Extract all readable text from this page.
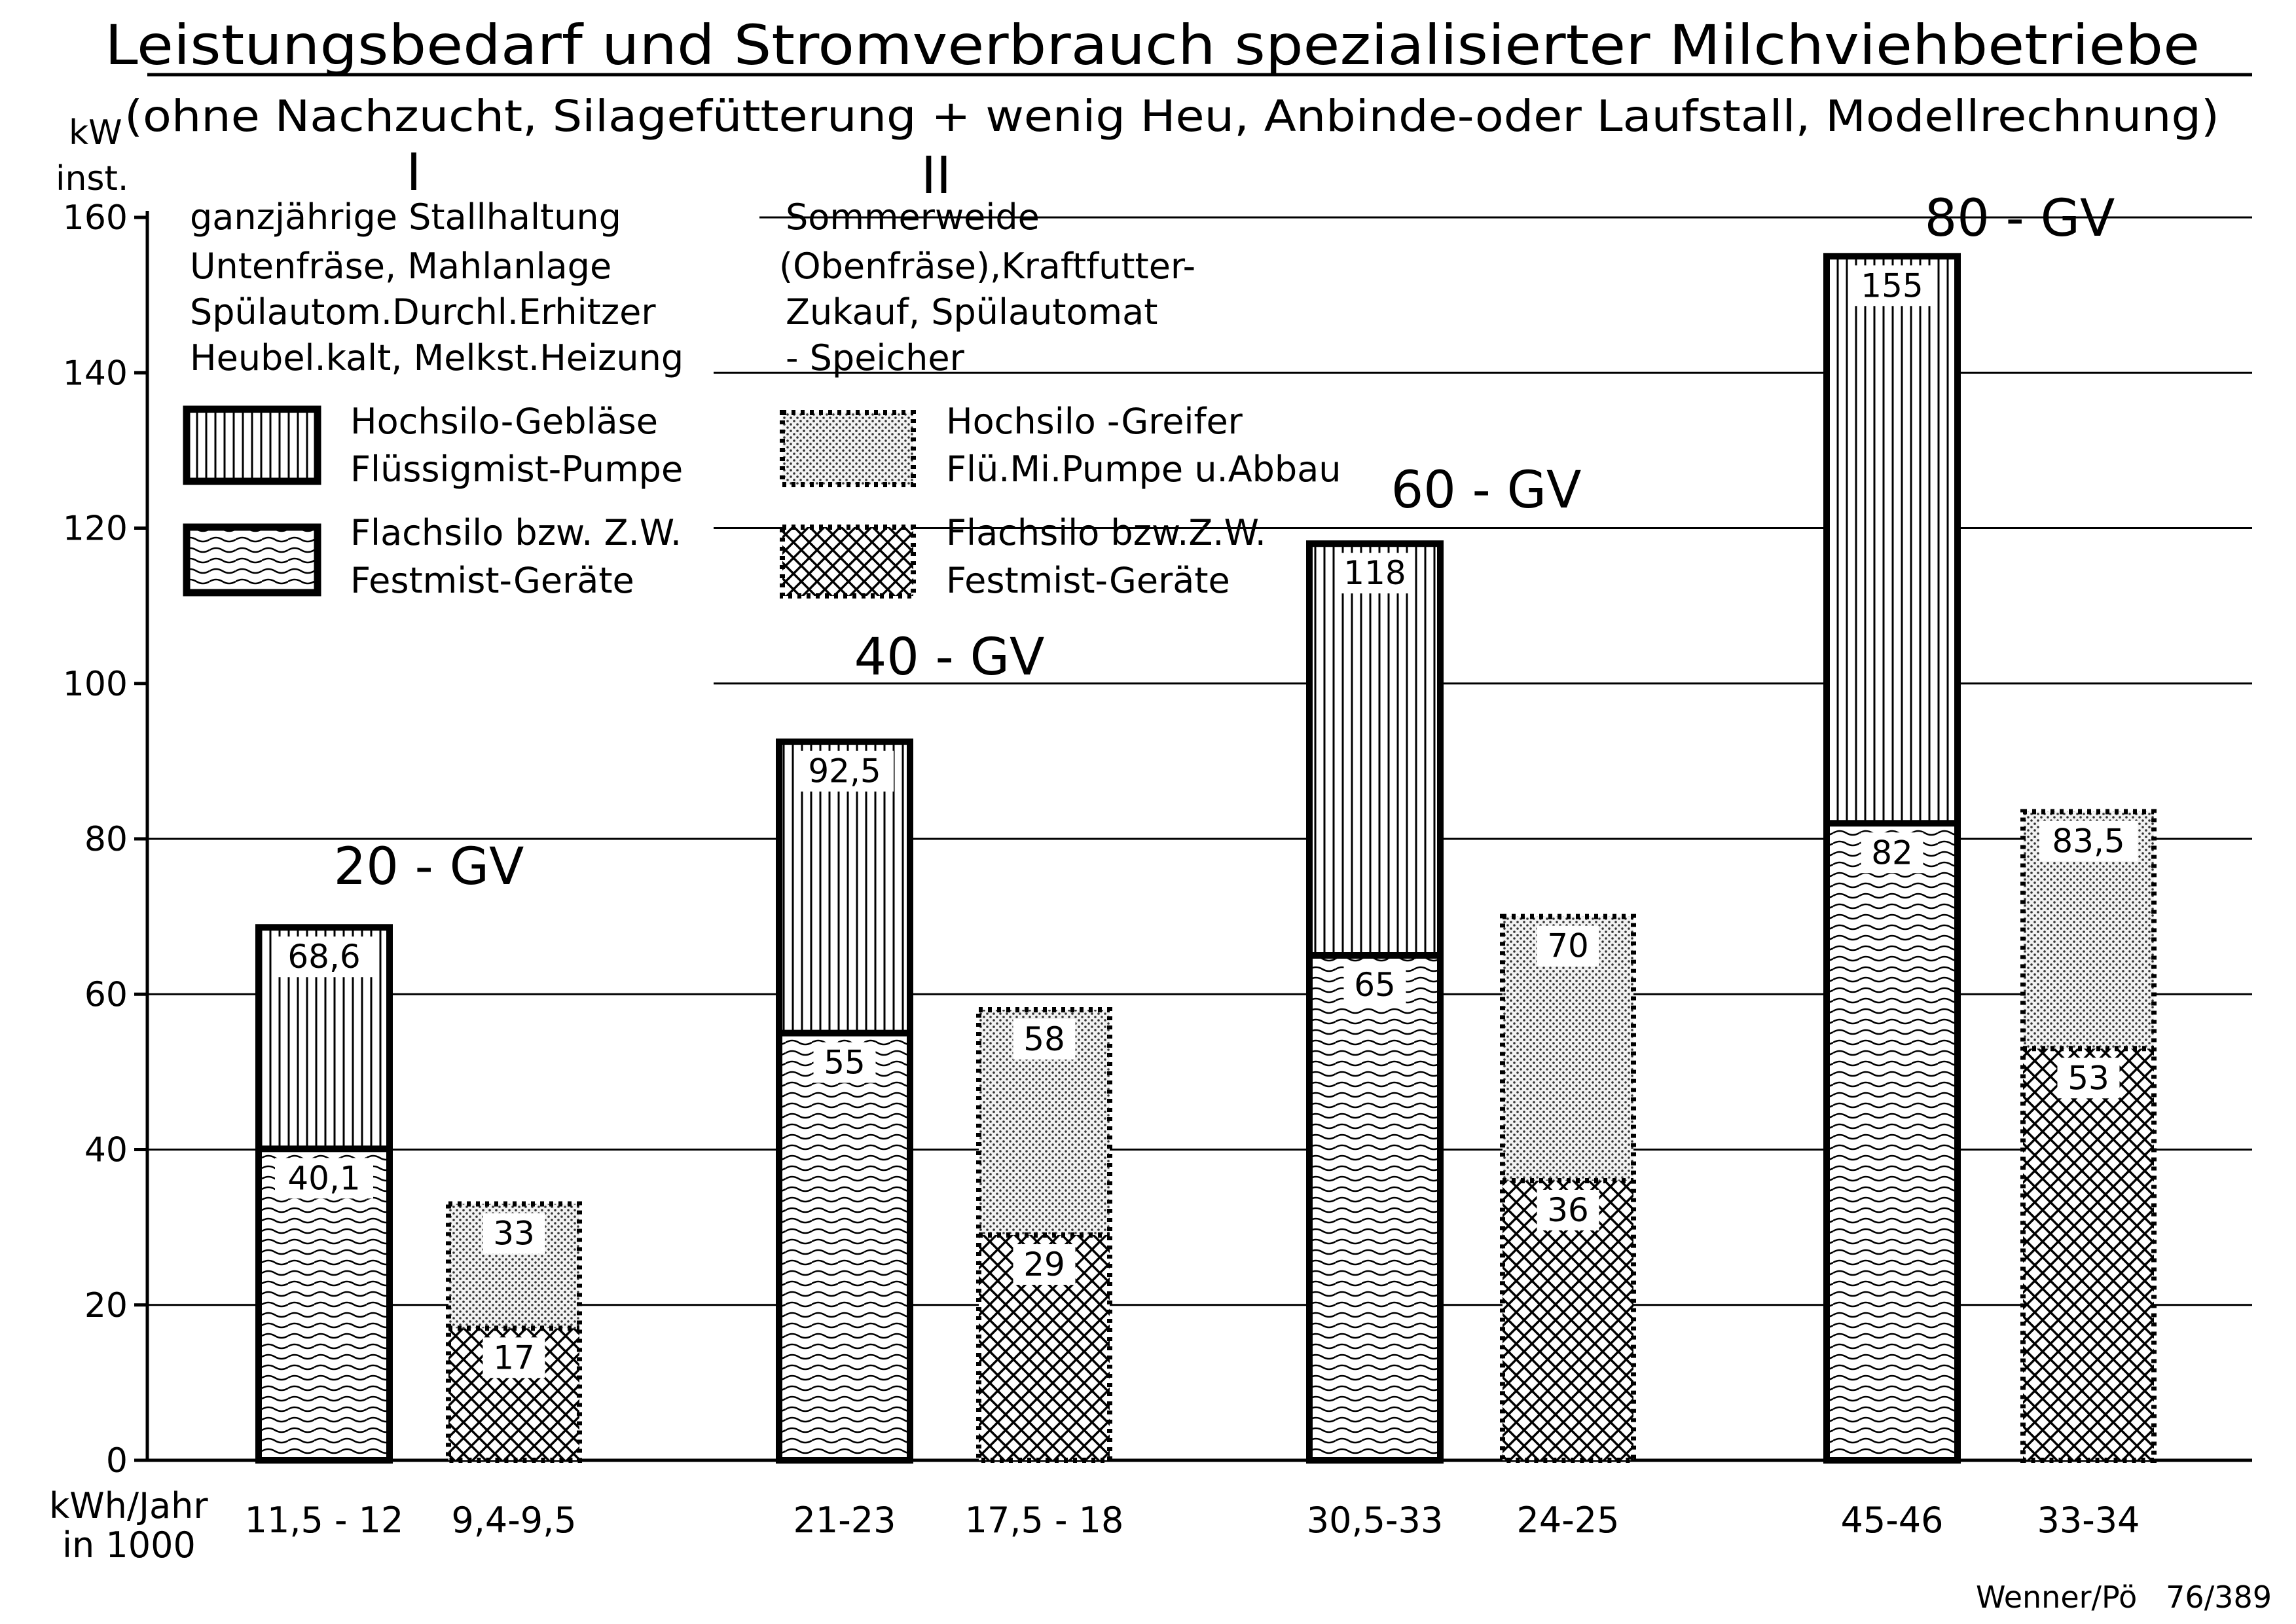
Leistungsbedarf und Stromverbrauch spezialisierter Milchviehbetriebe
(ohne Nachzucht, Silagefütterung + wenig Heu, Anbinde-oder Laufstall, Modellrechnung)
kW
inst.	I	II
0
20
40
60
80
100
120
140
160 ganzjährige Stallhaltung
Untenfräse, Mahlanlage
Spülautom.Durchl.Erhitzer
Heubel.kalt, Melkst.Heizung
Sommerweide
(Obenfräse),Kraftfutter-
Zukauf, Spülautomat
- Speicher
Hochsilo-Gebläse
Flüssigmist-Pumpe
Flachsilo bzw. Z.W.
Festmist-Geräte
Hochsilo -Greifer
Flü.Mi.Pumpe u.Abbau
Flachsilo bzw.Z.W.
Festmist-Geräte
68,6
40,1
11,5 - 12
33
17
9,4-9,5
20 - GV
92,5
55
21-23
58
29
17,5 - 18
40 - GV
118
65
30,5-33
70
36
24-25
60 - GV
155
82
45-46
83,5
53
33-34
80 - GV
kWh/Jahr
in 1000
Wenner/Pö   76/389
